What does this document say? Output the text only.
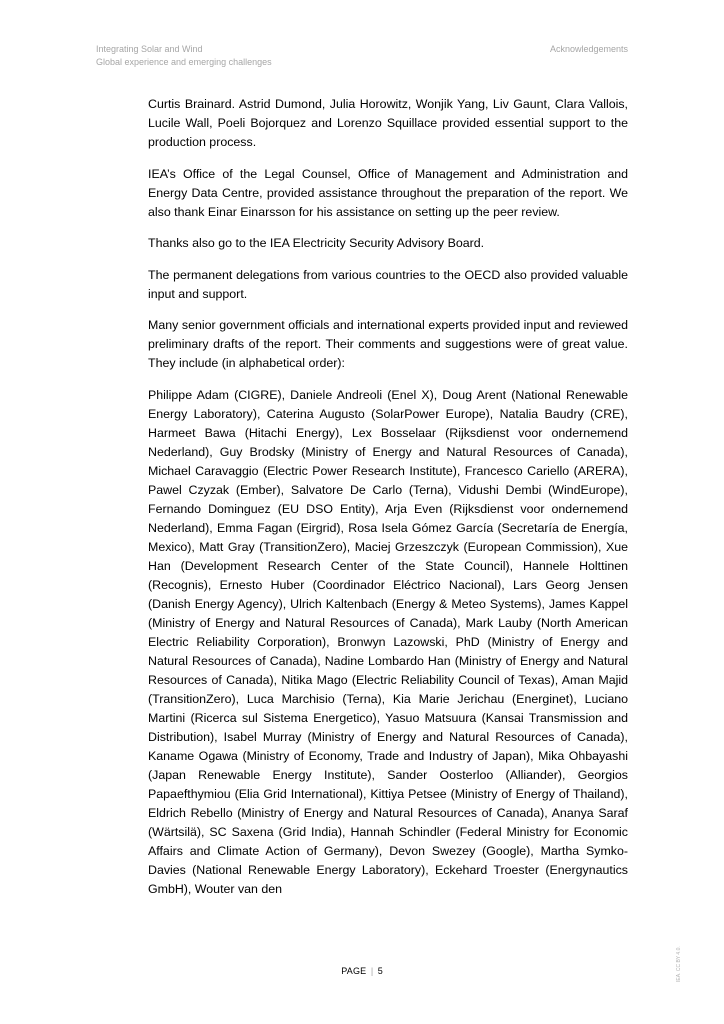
Integrating Solar and Wind
Global experience and emerging challenges
Acknowledgements

Curtis Brainard. Astrid Dumond, Julia Horowitz, Wonjik Yang, Liv Gaunt, Clara Vallois, Lucile Wall, Poeli Bojorquez and Lorenzo Squillace provided essential support to the production process.

IEA’s Office of the Legal Counsel, Office of Management and Administration and Energy Data Centre, provided assistance throughout the preparation of the report. We also thank Einar Einarsson for his assistance on setting up the peer review.

Thanks also go to the IEA Electricity Security Advisory Board.

The permanent delegations from various countries to the OECD also provided valuable input and support.

Many senior government officials and international experts provided input and reviewed preliminary drafts of the report. Their comments and suggestions were of great value. They include (in alphabetical order):

Philippe Adam (CIGRE), Daniele Andreoli (Enel X), Doug Arent (National Renewable Energy Laboratory), Caterina Augusto (SolarPower Europe), Natalia Baudry (CRE), Harmeet Bawa (Hitachi Energy), Lex Bosselaar (Rijksdienst voor ondernemend Nederland), Guy Brodsky (Ministry of Energy and Natural Resources of Canada), Michael Caravaggio (Electric Power Research Institute), Francesco Cariello (ARERA), Pawel Czyzak (Ember), Salvatore De Carlo (Terna), Vidushi Dembi (WindEurope), Fernando Dominguez (EU DSO Entity), Arja Even (Rijksdienst voor ondernemend Nederland), Emma Fagan (Eirgrid), Rosa Isela Gómez García (Secretaría de Energía, Mexico), Matt Gray (TransitionZero), Maciej Grzeszczyk (European Commission), Xue Han (Development Research Center of the State Council), Hannele Holttinen (Recognis), Ernesto Huber (Coordinador Eléctrico Nacional), Lars Georg Jensen (Danish Energy Agency), Ulrich Kaltenbach (Energy & Meteo Systems), James Kappel (Ministry of Energy and Natural Resources of Canada), Mark Lauby (North American Electric Reliability Corporation), Bronwyn Lazowski, PhD (Ministry of Energy and Natural Resources of Canada), Nadine Lombardo Han (Ministry of Energy and Natural Resources of Canada), Nitika Mago (Electric Reliability Council of Texas), Aman Majid (TransitionZero), Luca Marchisio (Terna), Kia Marie Jerichau (Energinet), Luciano Martini (Ricerca sul Sistema Energetico), Yasuo Matsuura (Kansai Transmission and Distribution), Isabel Murray (Ministry of Energy and Natural Resources of Canada), Kaname Ogawa (Ministry of Economy, Trade and Industry of Japan), Mika Ohbayashi (Japan Renewable Energy Institute), Sander Oosterloo (Alliander), Georgios Papaefthymiou (Elia Grid International), Kittiya Petsee (Ministry of Energy of Thailand), Eldrich Rebello (Ministry of Energy and Natural Resources of Canada), Ananya Saraf (Wärtsilä), SC Saxena (Grid India), Hannah Schindler (Federal Ministry for Economic Affairs and Climate Action of Germany), Devon Swezey (Google), Martha Symko-Davies (National Renewable Energy Laboratory), Eckehard Troester (Energynautics GmbH), Wouter van den

PAGE | 5	IEA. CC BY 4.0.
